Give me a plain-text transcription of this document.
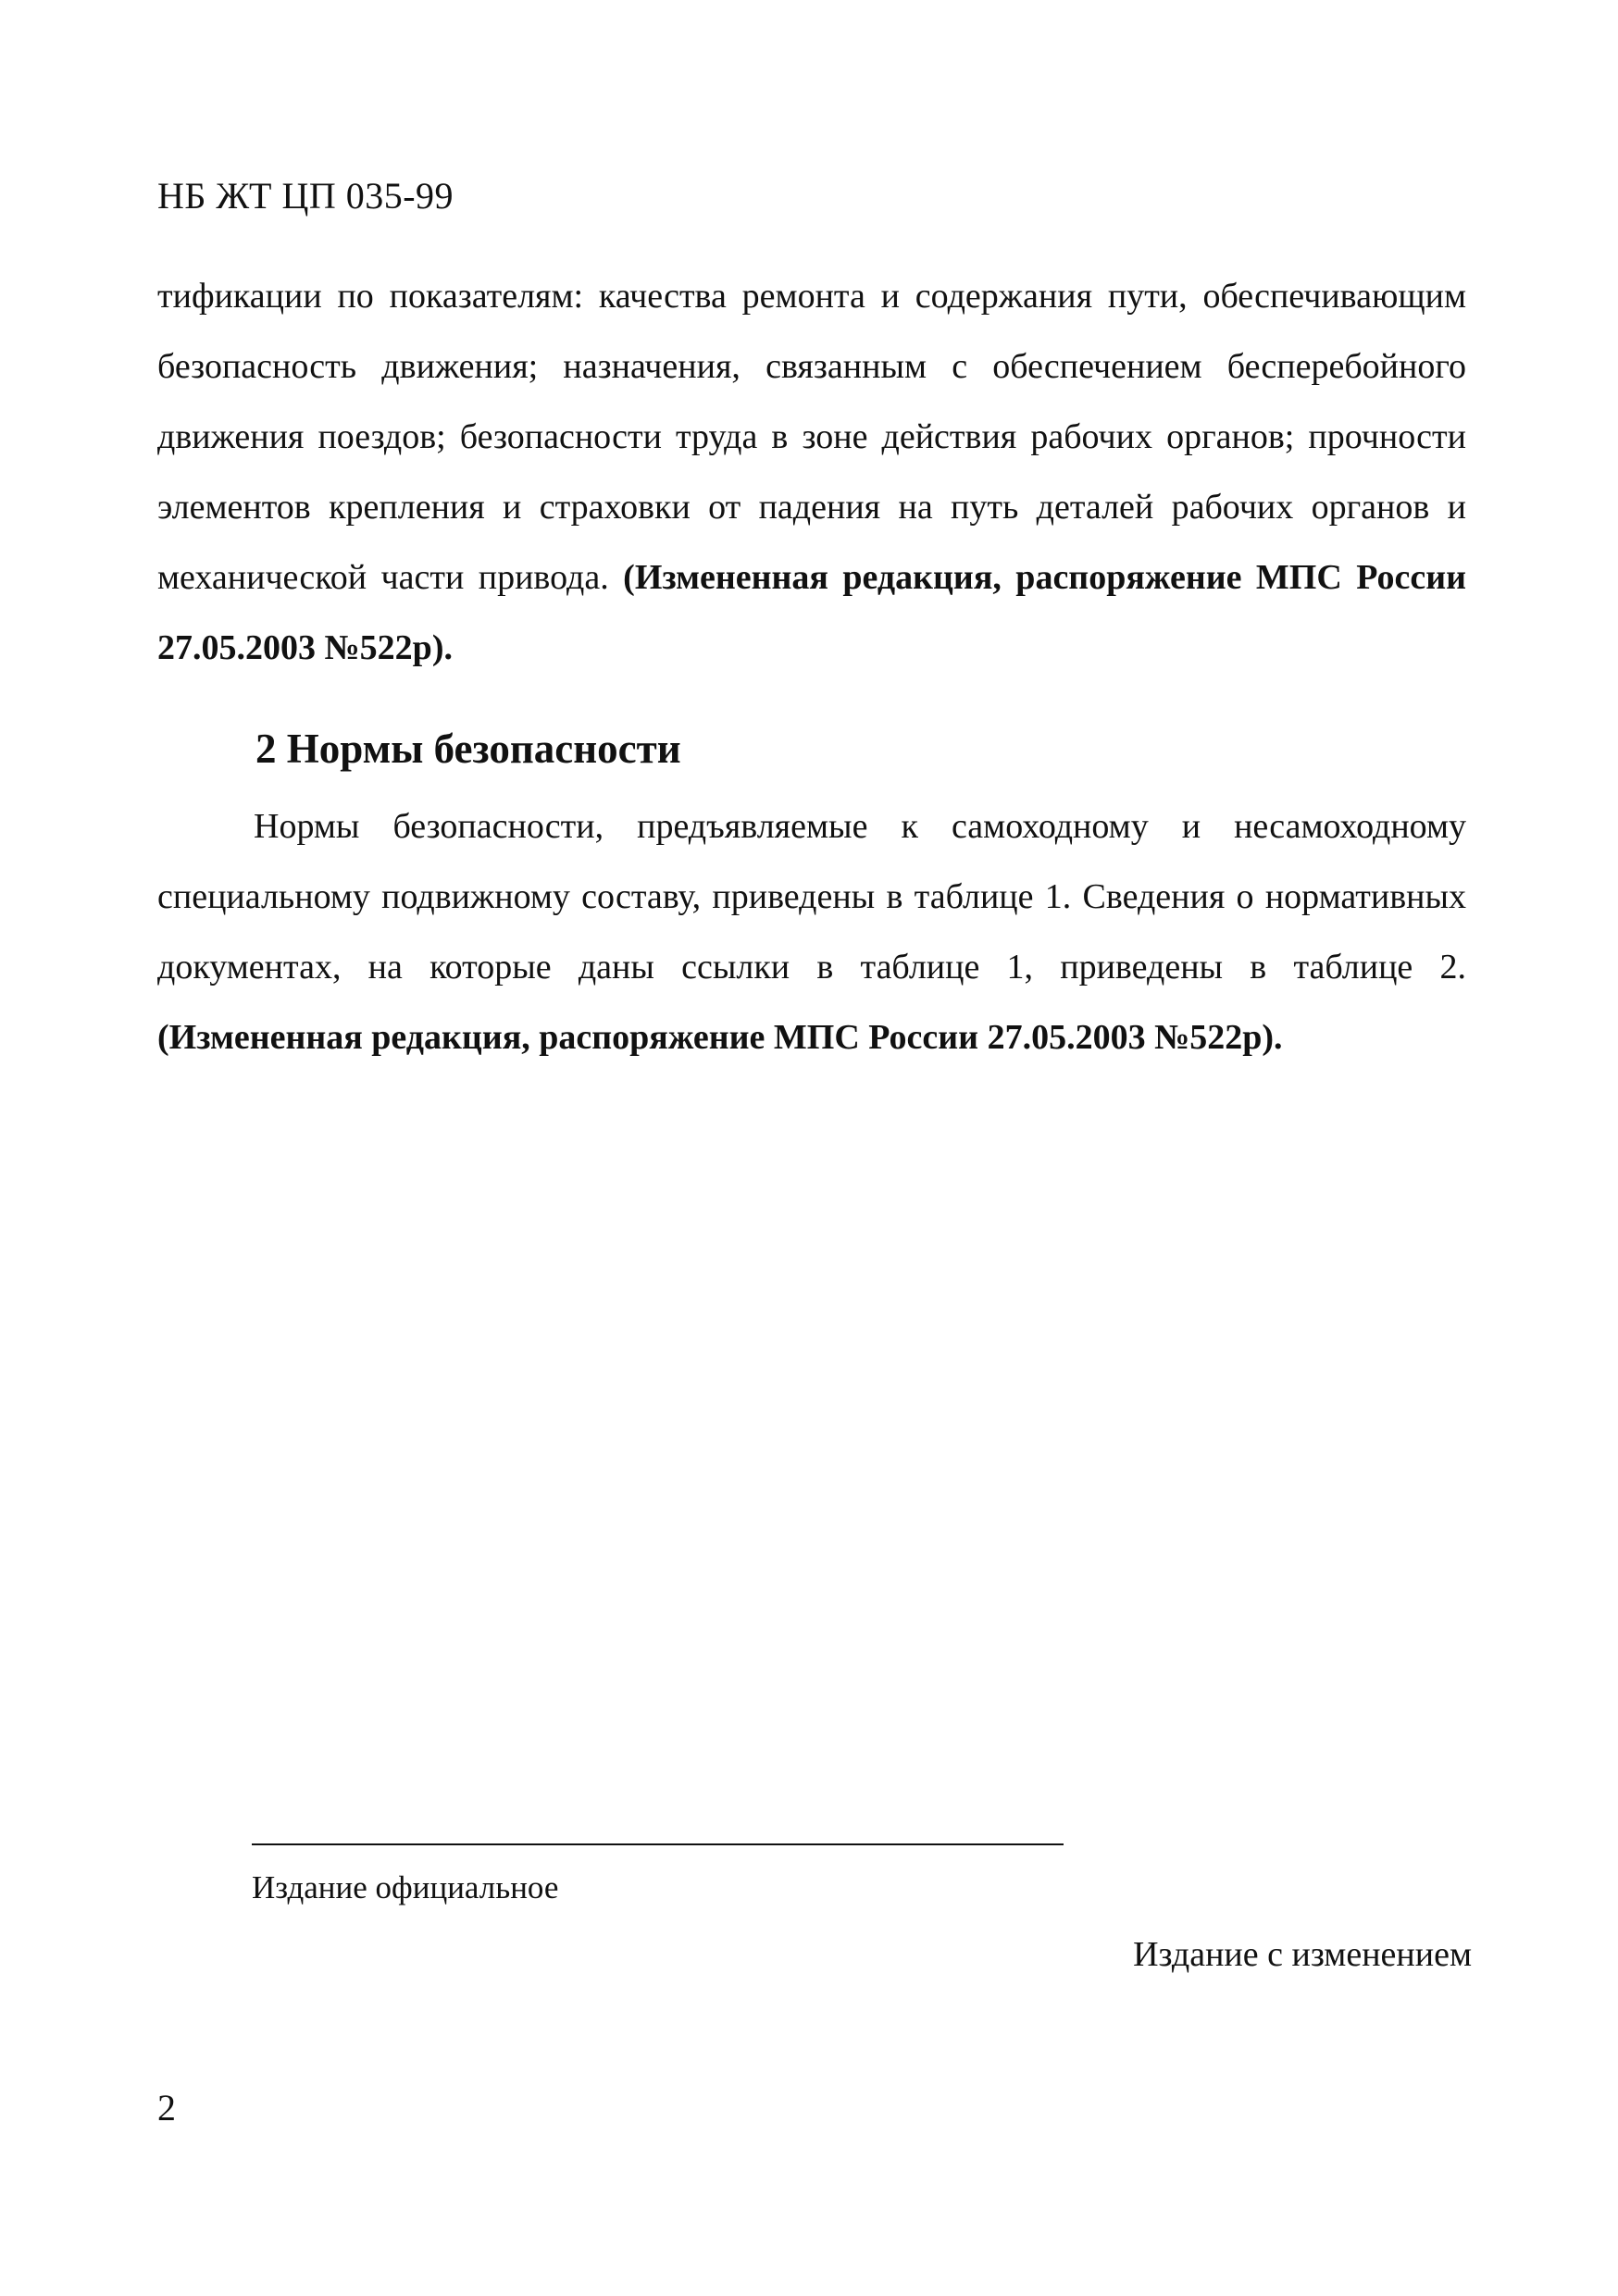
НБ ЖТ ЦП 035-99
тификации по показателям: качества ремонта и содержания пути, обеспечивающим безопасность движения; назначения, связанным с обеспечением бесперебойного движения поездов; безопасности труда в зоне действия рабочих органов; прочности элементов крепления и страховки от падения на путь деталей рабочих органов и механической части привода. (Измененная редакция, распоряжение МПС России 27.05.2003 №522р).
2 Нормы безопасности
Нормы безопасности, предъявляемые к самоходному и несамоходному специальному подвижному составу, приведены в таблице 1. Сведения о нормативных документах, на которые даны ссылки в таблице 1, приведены в таблице 2. (Измененная редакция, распоряжение МПС России 27.05.2003 №522р).
Издание официальное
Издание с изменением
2
